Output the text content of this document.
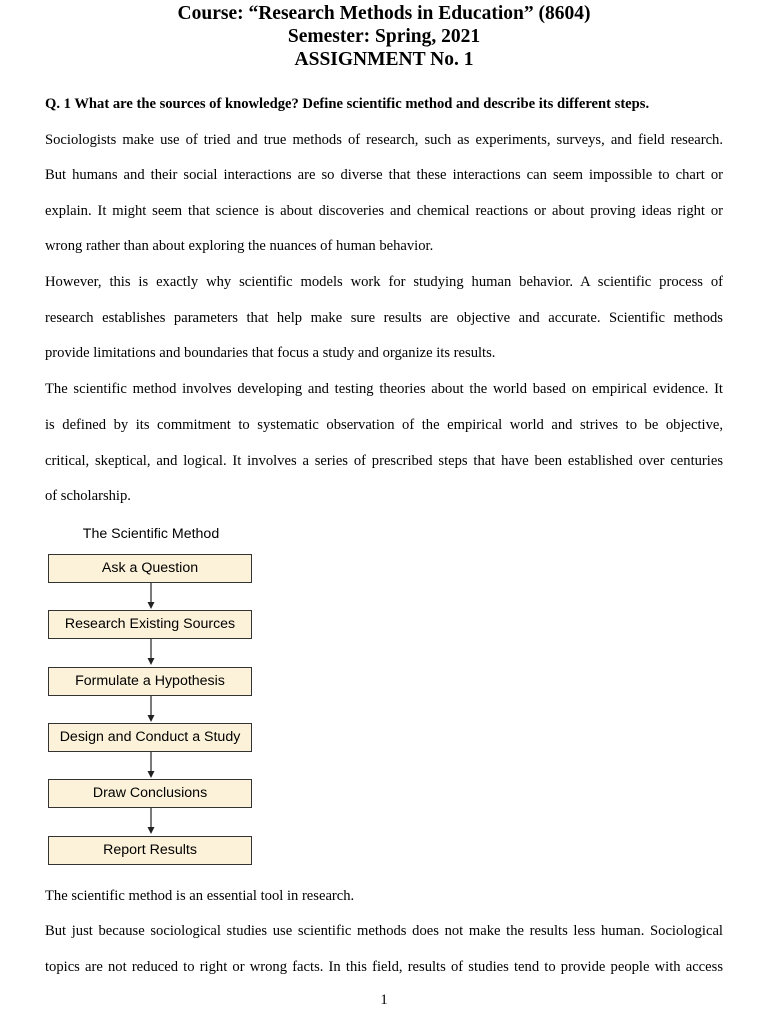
Course: “Research Methods in Education” (8604)
Semester: Spring, 2021
ASSIGNMENT No. 1
Q. 1 What are the sources of knowledge? Define scientific method and describe its different steps.
Sociologists make use of tried and true methods of research, such as experiments, surveys, and field research.
But humans and their social interactions are so diverse that these interactions can seem impossible to chart or
explain. It might seem that science is about discoveries and chemical reactions or about proving ideas right or
wrong rather than about exploring the nuances of human behavior.
However, this is exactly why scientific models work for studying human behavior. A scientific process of
research establishes parameters that help make sure results are objective and accurate. Scientific methods
provide limitations and boundaries that focus a study and organize its results.
The scientific method involves developing and testing theories about the world based on empirical evidence. It
is defined by its commitment to systematic observation of the empirical world and strives to be objective,
critical, skeptical, and logical. It involves a series of prescribed steps that have been established over centuries
of scholarship.
The Scientific Method
Ask a Question
Research Existing Sources
Formulate a Hypothesis
Design and Conduct a Study
Draw Conclusions
Report Results
The scientific method is an essential tool in research.
But just because sociological studies use scientific methods does not make the results less human. Sociological
topics are not reduced to right or wrong facts. In this field, results of studies tend to provide people with access
1
